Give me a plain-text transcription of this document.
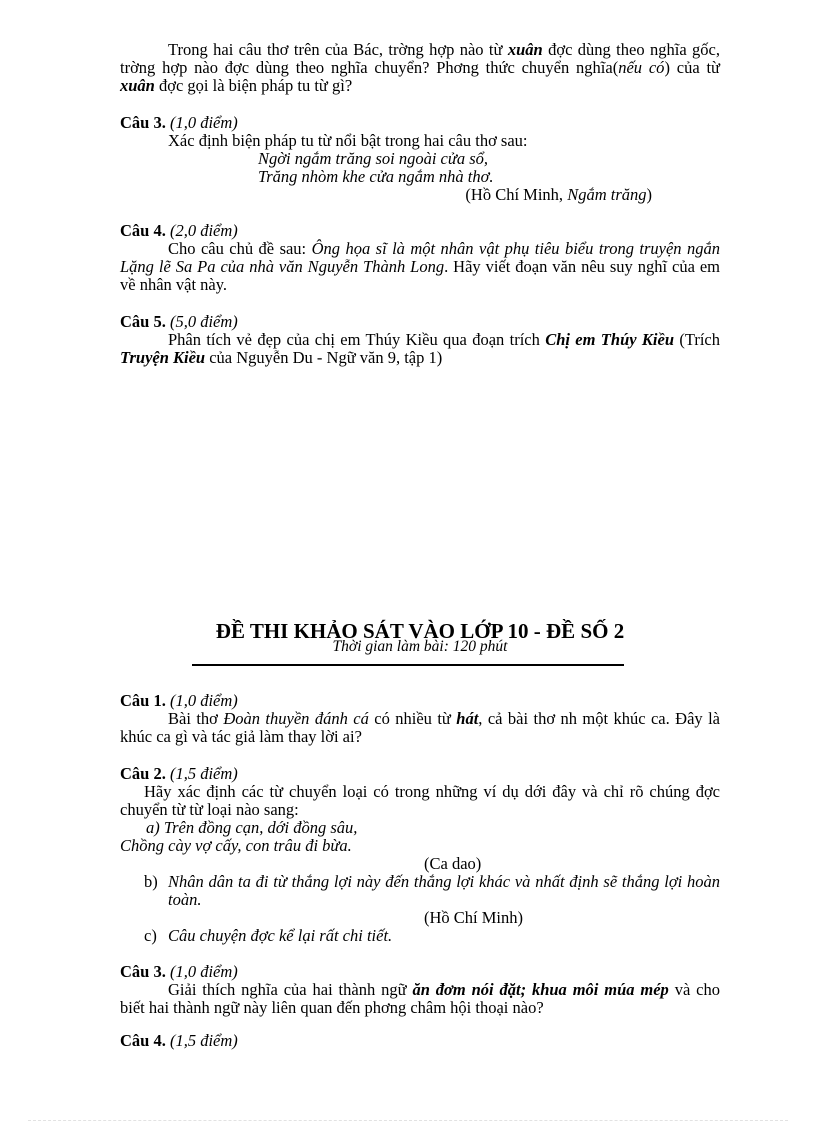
Trong hai câu thơ trên của Bác, trờng hợp nào từ xuân đợc dùng theo nghĩa gốc, trờng hợp nào đợc dùng theo nghĩa chuyển? Phơng thức chuyển nghĩa(nếu có) của từ xuân đợc gọi là biện pháp tu từ gì?

Câu 3. (1,0 điểm)

Xác định biện pháp tu từ nổi bật trong hai câu thơ sau:

Ngời ngắm trăng soi ngoài cửa sổ,

Trăng nhòm khe cửa ngắm nhà thơ.

(Hồ Chí Minh, Ngắm trăng)

Câu 4. (2,0 điểm)

Cho câu chủ đề sau: Ông họa sĩ là một nhân vật phụ tiêu biểu trong truyện ngắn Lặng lẽ Sa Pa của nhà văn Nguyễn Thành Long. Hãy viết đoạn văn nêu suy nghĩ của em về nhân vật này.

Câu 5. (5,0 điểm)

Phân tích vẻ đẹp của chị em Thúy Kiều qua đoạn trích Chị em Thúy Kiều (Trích Truyện Kiều của Nguyễn Du - Ngữ văn 9, tập 1)

ĐỀ THI KHẢO SÁT VÀO LỚP 10 - ĐỀ SỐ 2
Thời gian làm bài: 120 phút

Câu 1. (1,0 điểm)

Bài thơ Đoàn thuyền đánh cá có nhiều từ hát, cả bài thơ nh một khúc ca. Đây là khúc ca gì và tác giả làm thay lời ai?

Câu 2. (1,5 điểm)

Hãy xác định các từ chuyển loại có trong những ví dụ dới đây và chỉ rõ chúng đợc chuyển từ từ loại nào sang:

a) Trên đồng cạn, dới đồng sâu,

Chồng cày vợ cấy, con trâu đi bừa.

(Ca dao)

b) Nhân dân ta đi từ thắng lợi này đến thắng lợi khác và nhất định sẽ thắng lợi hoàn toàn.

(Hồ Chí Minh)

c) Câu chuyện đợc kể lại rất chi tiết.

Câu 3. (1,0 điểm)

Giải thích nghĩa của hai thành ngữ ăn đơm nói đặt; khua môi múa mép và cho biết hai thành ngữ này liên quan đến phơng châm hội thoại nào?

Câu 4. (1,5 điểm)
